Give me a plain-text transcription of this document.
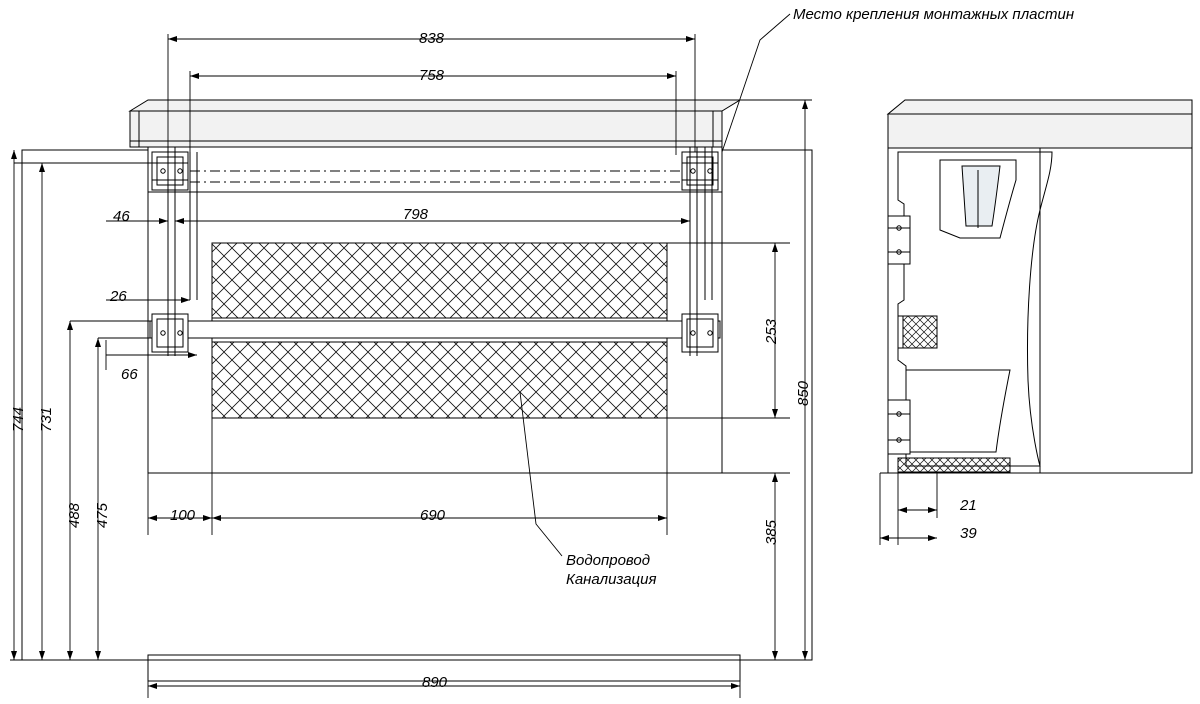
Место крепления монтажных пластин
Водопровод
Канализация
838
758
798
46
26
66
100	690
890
253
850
385
744 731
488 475	21
39
